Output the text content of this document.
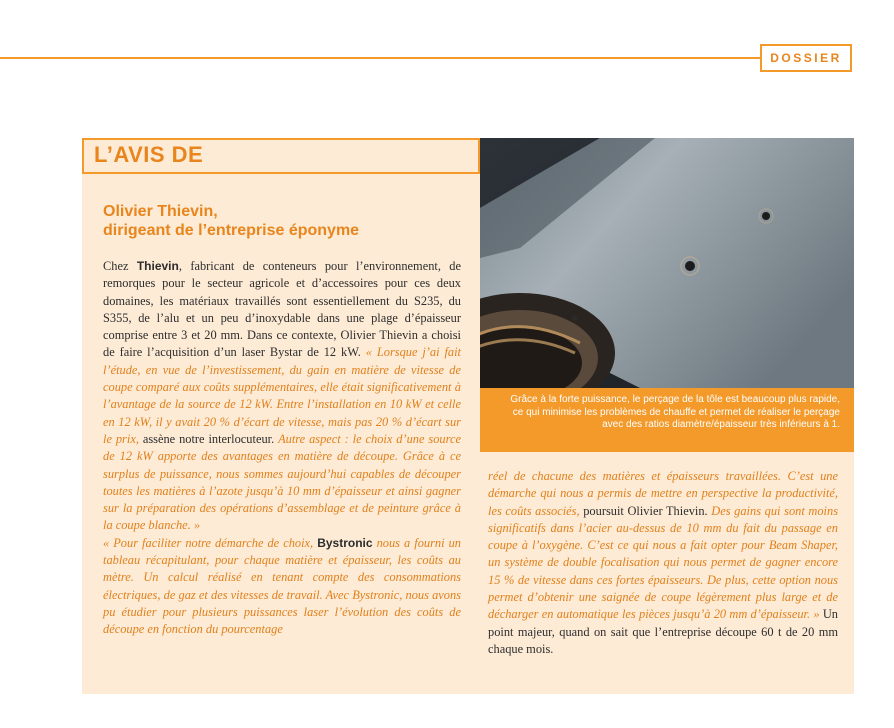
DOSSIER
L’AVIS DE
Olivier Thievin,
dirigeant de l’entreprise éponyme
Grâce à la forte puissance, le perçage de la tôle est beaucoup plus rapide, ce qui minimise les problèmes de chauffe et permet de réaliser le perçage avec des ratios diamètre/épaisseur très inférieurs à 1.

Chez Thievin, fabricant de conteneurs pour l’environnement, de remorques pour le secteur agricole et d’accessoires pour ces deux domaines, les matériaux travaillés sont essentiellement du S235, du S355, de l’alu et un peu d’inoxydable dans une plage d’épaisseur comprise entre 3 et 20 mm. Dans ce contexte, Olivier Thievin a choisi de faire l’acquisition d’un laser Bystar de 12 kW. « Lorsque j’ai fait l’étude, en vue de l’investissement, du gain en matière de vitesse de coupe comparé aux coûts supplémentaires, elle était significativement à l’avantage de la source de 12 kW. Entre l’installation en 10 kW et celle en 12 kW, il y avait 20 % d’écart de vitesse, mais pas 20 % d’écart sur le prix, assène notre interlocuteur. Autre aspect : le choix d’une source de 12 kW apporte des avantages en matière de découpe. Grâce à ce surplus de puissance, nous sommes aujourd’hui capables de découper toutes les matières à l’azote jusqu’à 10 mm d’épaisseur et ainsi gagner sur la préparation des opérations d’assemblage et de peinture grâce à la coupe blanche. »

« Pour faciliter notre démarche de choix, Bystronic nous a fourni un tableau récapitulant, pour chaque matière et épaisseur, les coûts au mètre. Un calcul réalisé en tenant compte des consommations électriques, de gaz et des vitesses de travail. Avec Bystronic, nous avons pu étudier pour plusieurs puissances laser l’évolution des coûts de découpe en fonction du pourcentage

réel de chacune des matières et épaisseurs travaillées. C’est une démarche qui nous a permis de mettre en perspective la productivité, les coûts associés, poursuit Olivier Thievin. Des gains qui sont moins significatifs dans l’acier au-dessus de 10 mm du fait du passage en coupe à l’oxygène. C’est ce qui nous a fait opter pour Beam Shaper, un système de double focalisation qui nous permet de gagner encore 15 % de vitesse dans ces fortes épaisseurs. De plus, cette option nous permet d’obtenir une saignée de coupe légèrement plus large et de décharger en automatique les pièces jusqu’à 20 mm d’épaisseur. » Un point majeur, quand on sait que l’entreprise découpe 60 t de 20 mm chaque mois.
